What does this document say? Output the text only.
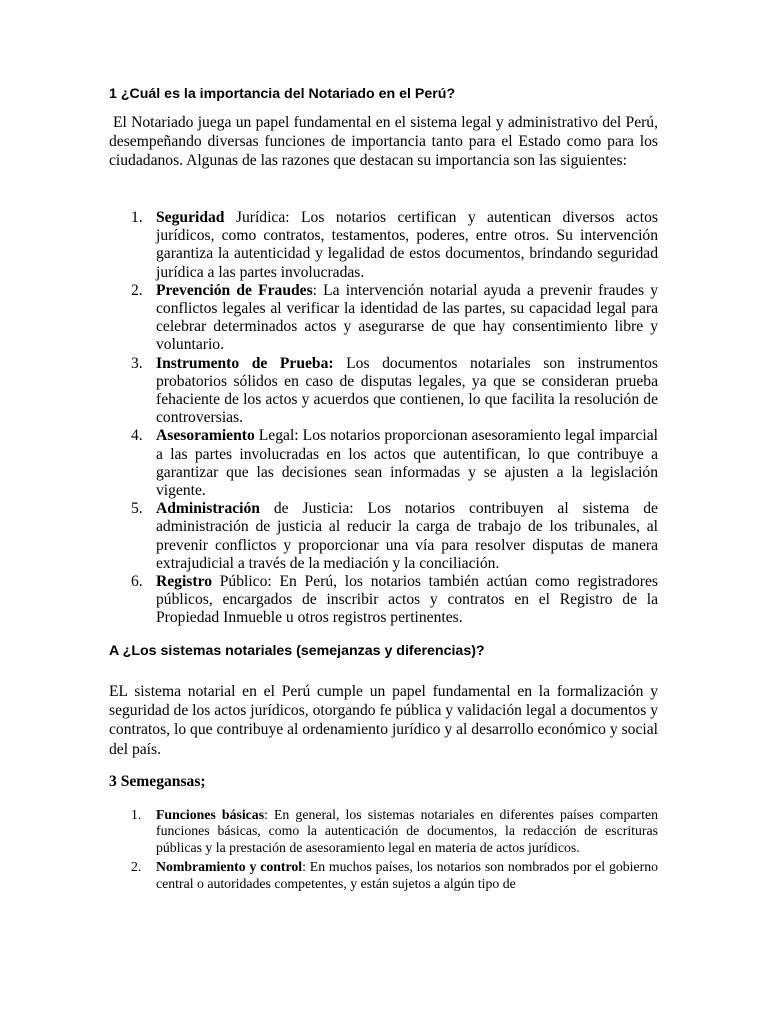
1 ¿Cuál es la importancia del Notariado en el Perú?

El Notariado juega un papel fundamental en el sistema legal y administrativo del Perú, desempeñando diversas funciones de importancia tanto para el Estado como para los ciudadanos. Algunas de las razones que destacan su importancia son las siguientes:

1. Seguridad Jurídica: Los notarios certifican y autentican diversos actos jurídicos, como contratos, testamentos, poderes, entre otros. Su intervención garantiza la autenticidad y legalidad de estos documentos, brindando seguridad jurídica a las partes involucradas.
2. Prevención de Fraudes: La intervención notarial ayuda a prevenir fraudes y conflictos legales al verificar la identidad de las partes, su capacidad legal para celebrar determinados actos y asegurarse de que hay consentimiento libre y voluntario.
3. Instrumento de Prueba: Los documentos notariales son instrumentos probatorios sólidos en caso de disputas legales, ya que se consideran prueba fehaciente de los actos y acuerdos que contienen, lo que facilita la resolución de controversias.
4. Asesoramiento Legal: Los notarios proporcionan asesoramiento legal imparcial a las partes involucradas en los actos que autentifican, lo que contribuye a garantizar que las decisiones sean informadas y se ajusten a la legislación vigente.
5. Administración de Justicia: Los notarios contribuyen al sistema de administración de justicia al reducir la carga de trabajo de los tribunales, al prevenir conflictos y proporcionar una vía para resolver disputas de manera extrajudicial a través de la mediación y la conciliación.
6. Registro Público: En Perú, los notarios también actúan como registradores públicos, encargados de inscribir actos y contratos en el Registro de la Propiedad Inmueble u otros registros pertinentes.
A ¿Los sistemas notariales (semejanzas y diferencias)?

EL sistema notarial en el Perú cumple un papel fundamental en la formalización y seguridad de los actos jurídicos, otorgando fe pública y validación legal a documentos y contratos, lo que contribuye al ordenamiento jurídico y al desarrollo económico y social del país.

3 Semegansas;
1. Funciones básicas: En general, los sistemas notariales en diferentes países comparten funciones básicas, como la autenticación de documentos, la redacción de escrituras públicas y la prestación de asesoramiento legal en materia de actos jurídicos.
2. Nombramiento y control: En muchos países, los notarios son nombrados por el gobierno central o autoridades competentes, y están sujetos a algún tipo de
